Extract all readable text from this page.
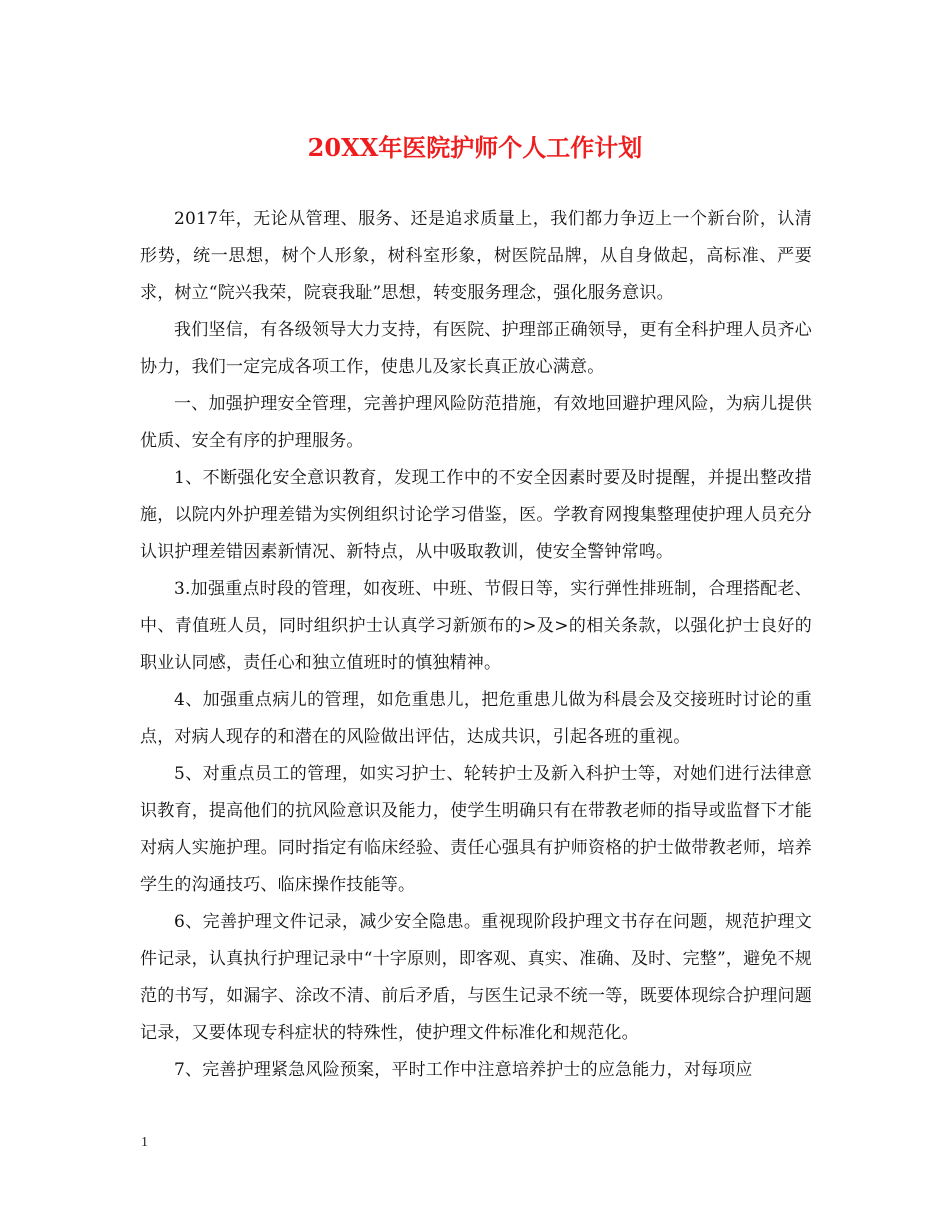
20XX年医院护师个人工作计划

2017年，无论从管理、服务、还是追求质量上，我们都力争迈上一个新台阶，认清形势，统一思想，树个人形象，树科室形象，树医院品牌，从自身做起，高标准、严要求，树立“院兴我荣，院衰我耻”思想，转变服务理念，强化服务意识。

我们坚信，有各级领导大力支持，有医院、护理部正确领导，更有全科护理人员齐心协力，我们一定完成各项工作，使患儿及家长真正放心满意。

一、加强护理安全管理，完善护理风险防范措施，有效地回避护理风险，为病儿提供优质、安全有序的护理服务。

1、不断强化安全意识教育，发现工作中的不安全因素时要及时提醒，并提出整改措施，以院内外护理差错为实例组织讨论学习借鉴，医。学教育网搜集整理使护理人员充分认识护理差错因素新情况、新特点，从中吸取教训，使安全警钟常鸣。

3.加强重点时段的管理，如夜班、中班、节假日等，实行弹性排班制，合理搭配老、中、青值班人员，同时组织护士认真学习新颁布的>及>的相关条款，以强化护士良好的职业认同感，责任心和独立值班时的慎独精神。

4、加强重点病儿的管理，如危重患儿，把危重患儿做为科晨会及交接班时讨论的重点，对病人现存的和潜在的风险做出评估，达成共识，引起各班的重视。

5、对重点员工的管理，如实习护士、轮转护士及新入科护士等，对她们进行法律意识教育，提高他们的抗风险意识及能力，使学生明确只有在带教老师的指导或监督下才能对病人实施护理。同时指定有临床经验、责任心强具有护师资格的护士做带教老师，培养学生的沟通技巧、临床操作技能等。

6、完善护理文件记录，减少安全隐患。重视现阶段护理文书存在问题，规范护理文件记录，认真执行护理记录中“十字原则，即客观、真实、准确、及时、完整”，避免不规范的书写，如漏字、涂改不清、前后矛盾，与医生记录不统一等，既要体现综合护理问题记录，又要体现专科症状的特殊性，使护理文件标准化和规范化。

7、完善护理紧急风险预案，平时工作中注意培养护士的应急能力，对每项应

1
